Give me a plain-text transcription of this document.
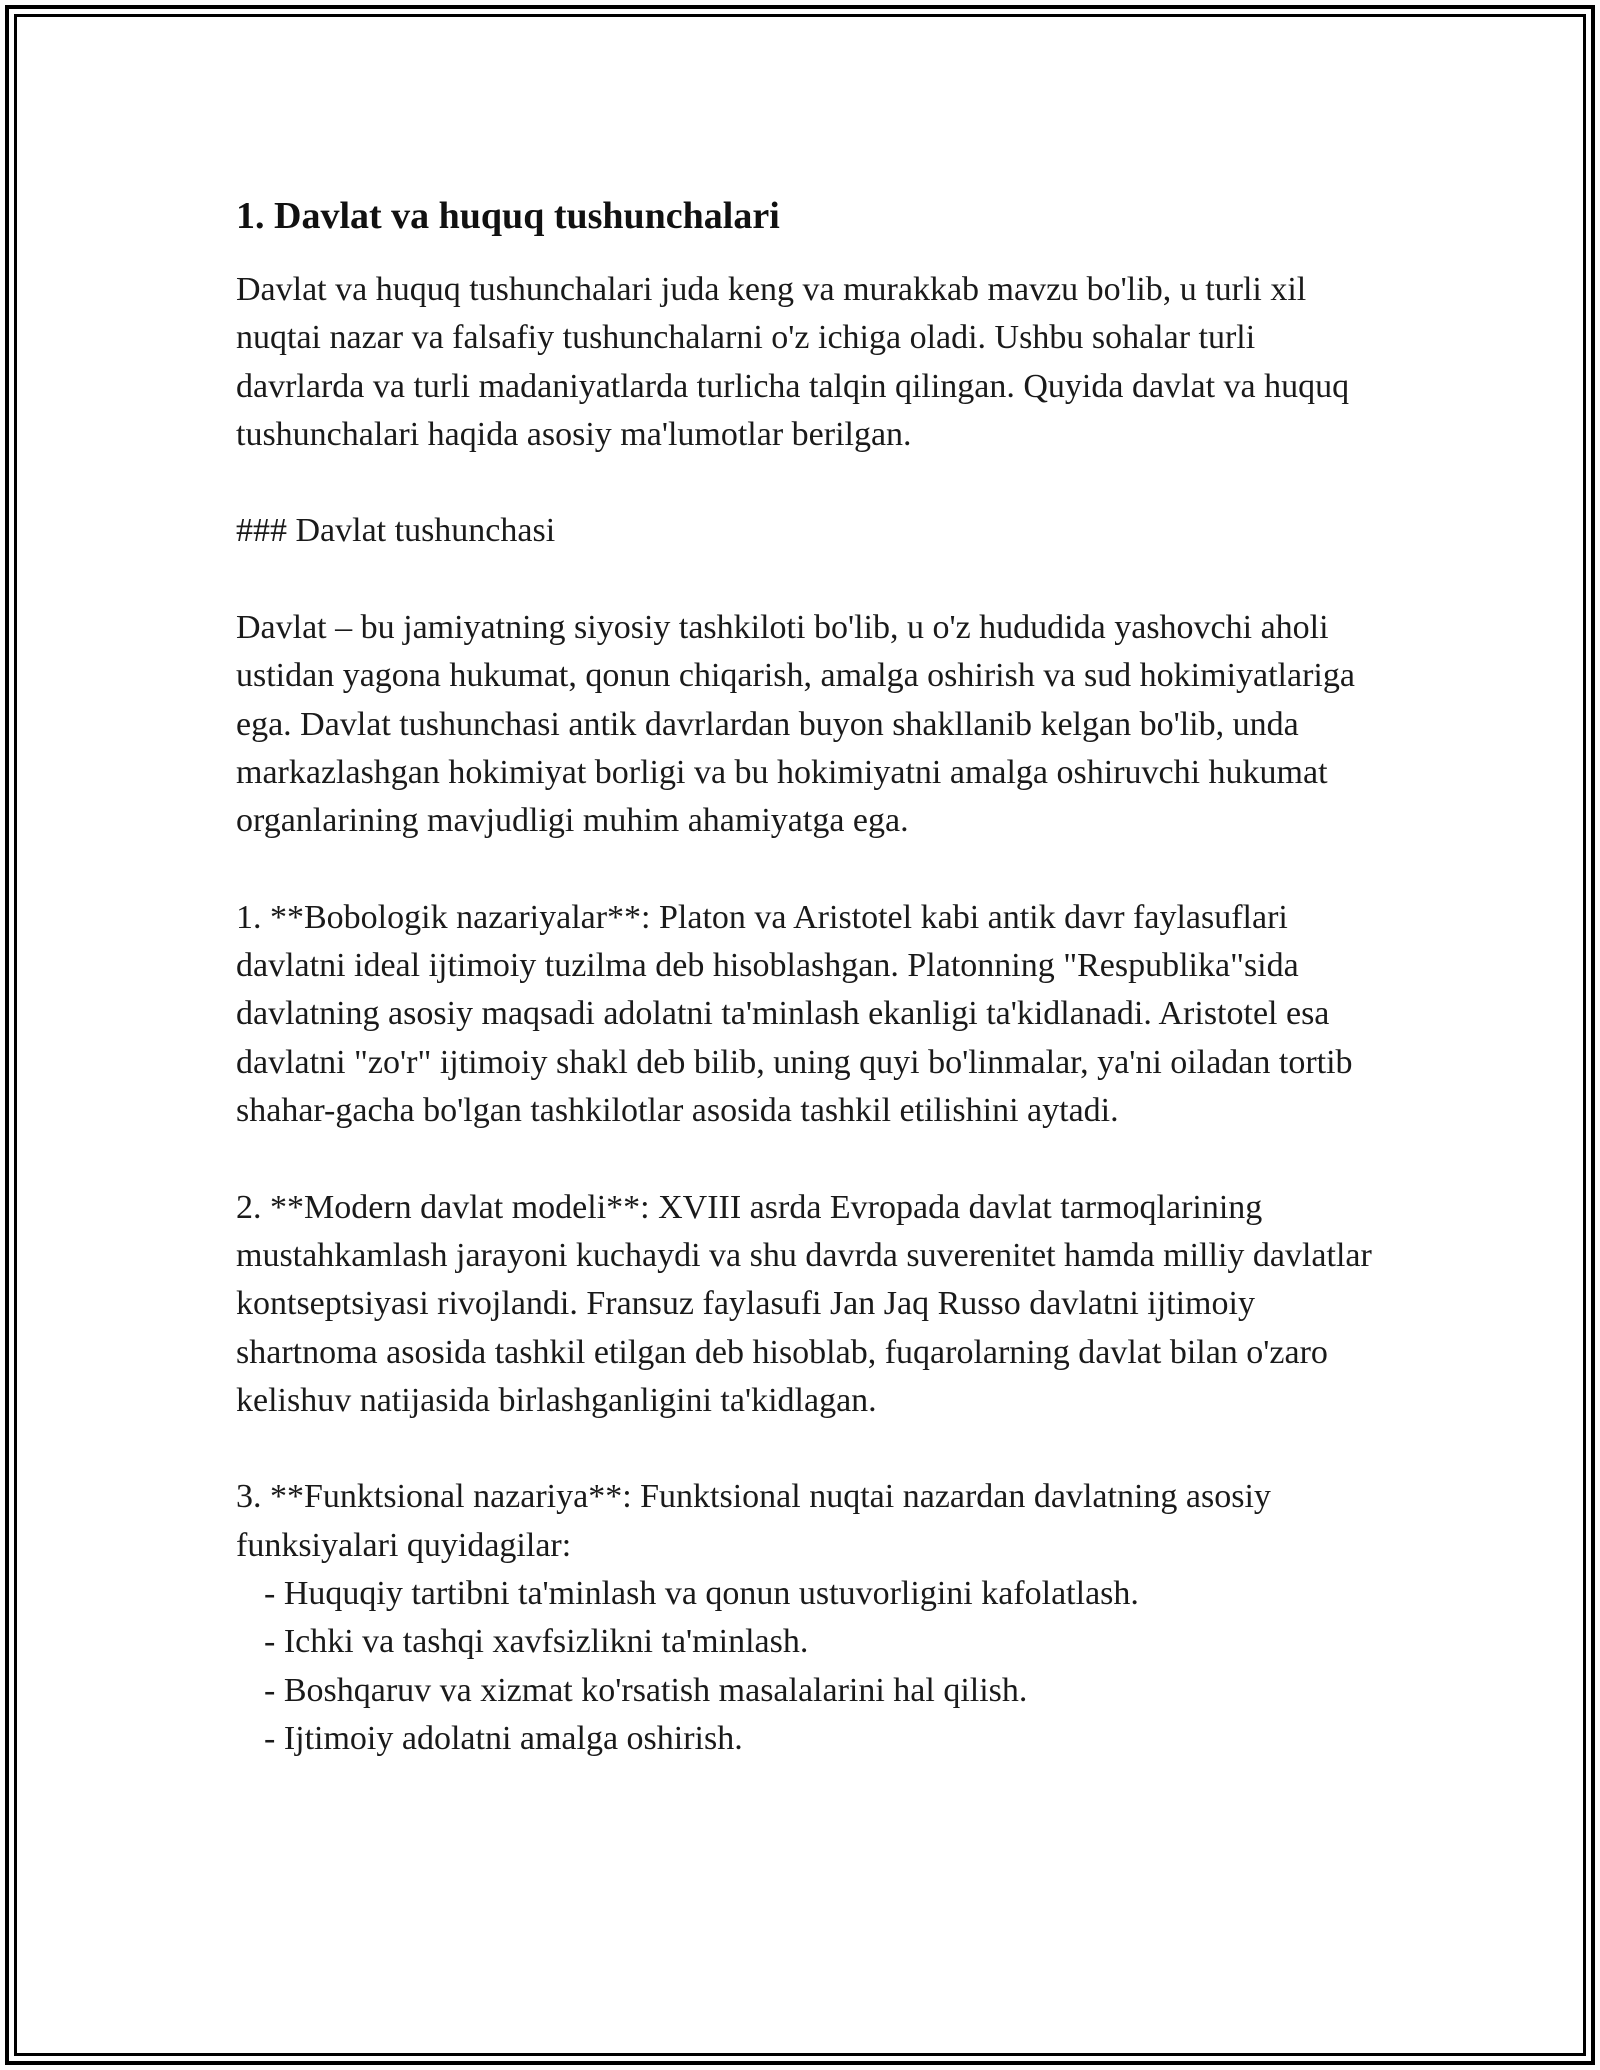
1. Davlat va huquq tushunchalari

Davlat va huquq tushunchalari juda keng va murakkab mavzu bo'lib, u turli xil nuqtai nazar va falsafiy tushunchalarni o'z ichiga oladi. Ushbu sohalar turli davrlarda va turli madaniyatlarda turlicha talqin qilingan. Quyida davlat va huquq tushunchalari haqida asosiy ma'lumotlar berilgan.

### Davlat tushunchasi

Davlat – bu jamiyatning siyosiy tashkiloti bo'lib, u o'z hududida yashovchi aholi ustidan yagona hukumat, qonun chiqarish, amalga oshirish va sud hokimiyatlariga ega. Davlat tushunchasi antik davrlardan buyon shakllanib kelgan bo'lib, unda markazlashgan hokimiyat borligi va bu hokimiyatni amalga oshiruvchi hukumat organlarining mavjudligi muhim ahamiyatga ega.

1. **Bobologik nazariyalar**: Platon va Aristotel kabi antik davr faylasuflari davlatni ideal ijtimoiy tuzilma deb hisoblashgan. Platonning "Respublika"sida davlatning asosiy maqsadi adolatni ta'minlash ekanligi ta'kidlanadi. Aristotel esa davlatni "zo'r" ijtimoiy shakl deb bilib, uning quyi bo'linmalar, ya'ni oiladan tortib shahar-gacha bo'lgan tashkilotlar asosida tashkil etilishini aytadi.

2. **Modern davlat modeli**: XVIII asrda Evropada davlat tarmoqlarining mustahkamlash jarayoni kuchaydi va shu davrda suverenitet hamda milliy davlatlar kontseptsiyasi rivojlandi. Fransuz faylasufi Jan Jaq Russo davlatni ijtimoiy shartnoma asosida tashkil etilgan deb hisoblab, fuqarolarning davlat bilan o'zaro kelishuv natijasida birlashganligini ta'kidlagan.

3. **Funktsional nazariya**: Funktsional nuqtai nazardan davlatning asosiy funksiyalari quyidagilar:
- Huquqiy tartibni ta'minlash va qonun ustuvorligini kafolatlash.
- Ichki va tashqi xavfsizlikni ta'minlash.
- Boshqaruv va xizmat ko'rsatish masalalarini hal qilish.
- Ijtimoiy adolatni amalga oshirish.
